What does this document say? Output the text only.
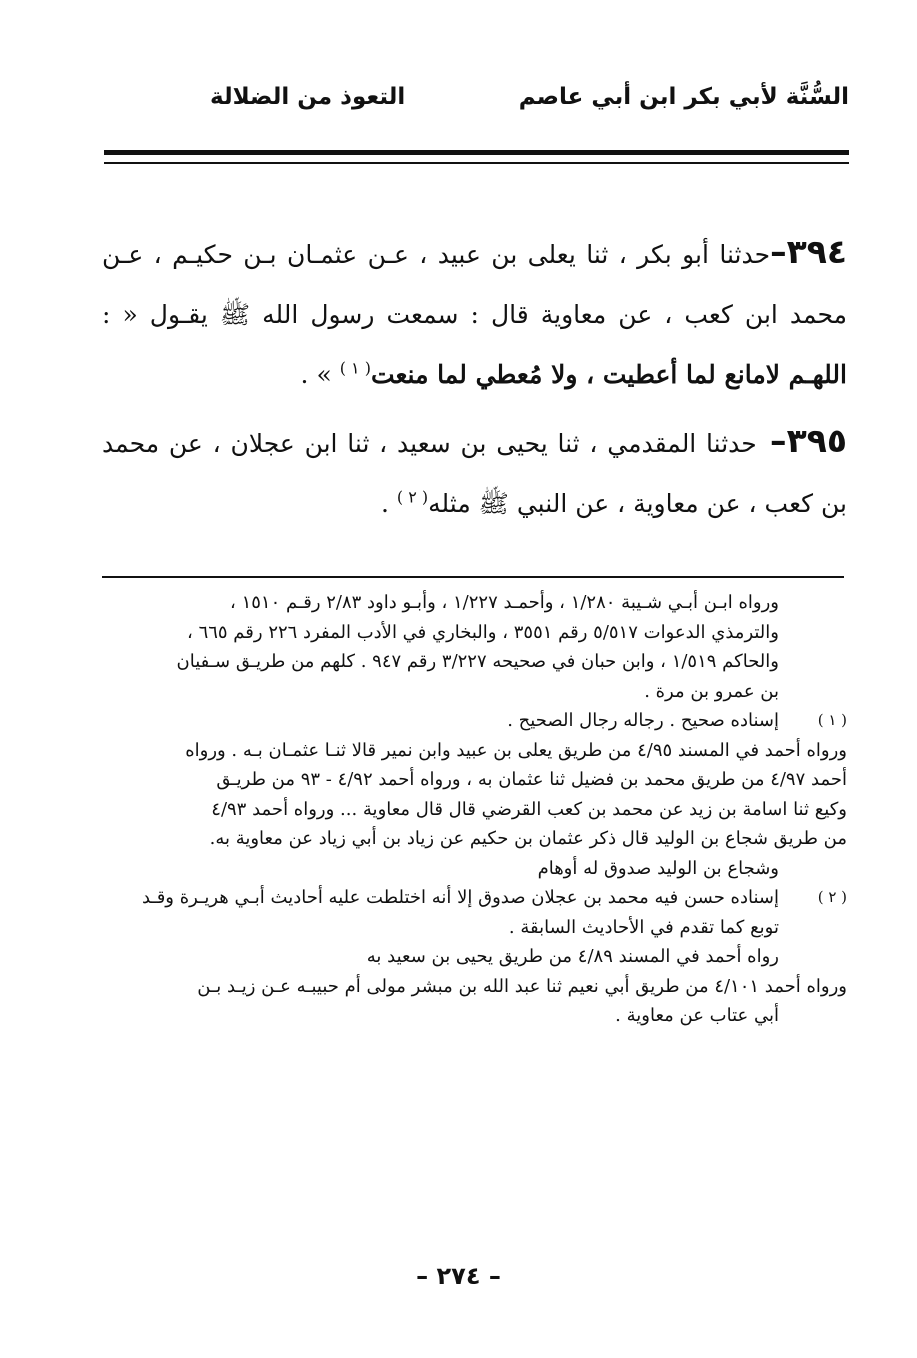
السُّنَّة لأبي بكر ابن أبي عاصم
التعوذ من الضلالة

٣٩٤–حدثنا أبو بكر ، ثنا يعلى بن عبيد ، عـن عثمـان بـن حكيـم ، عـن محمد ابن كعب ، عن معاوية قال : سمعت رسول الله ﷺ يقـول « : اللهـم لامانع لما أعطيت ، ولا مُعطي لما منعت$^{( ١ )}$ » .

٣٩٥– حدثنا المقدمي ، ثنا يحيى بن سعيد ، ثنا ابن عجلان ، عن محمد بن كعب ، عن معاوية ، عن النبي ﷺ مثله$^{( ٢ )}$ .

ورواه ابـن أبـي شـيبة ١/٢٨٠ ، وأحمـد ١/٢٢٧ ، وأبـو داود ٢/٨٣ رقـم ١٥١٠ ،
والترمذي الدعوات ٥/٥١٧ رقم ٣٥٥١ ، والبخاري في الأدب المفرد ٢٢٦ رقم ٦٦٥ ،
والحاكم ١/٥١٩ ، وابن حبان في صحيحه ٣/٢٢٧ رقم ٩٤٧ . كلهم من طريـق سـفيان
بن عمرو بن مرة .
( ١ )
إسناده صحيح . رجاله رجال الصحيح .
ورواه أحمد في المسند ٤/٩٥ من طريق يعلى بن عبيد وابن نمير قالا ثنـا عثمـان بـه . ورواه
أحمد ٤/٩٧ من طريق محمد بن فضيل ثنا عثمان به ، ورواه أحمد ٤/٩٢ - ٩٣ من طريـق
وكيع ثنا اسامة بن زيد عن محمد بن كعب القرضي قال قال معاوية ... ورواه أحمد ٤/٩٣
من طريق شجاع بن الوليد قال ذكر عثمان بن حكيم عن زياد بن أبي زياد عن معاوية به.
وشجاع بن الوليد صدوق له أوهام
( ٢ )
إسناده حسن فيه محمد بن عجلان صدوق إلا أنه اختلطت عليه أحاديث أبـي هريـرة وقـد
توبع كما تقدم في الأحاديث السابقة .
رواه أحمد في المسند ٤/٨٩ من طريق يحيى بن سعيد به
ورواه أحمد ٤/١٠١ من طريق أبي نعيم ثنا عبد الله بن مبشر مولى أم حبيبـه عـن زيـد بـن
أبي عتاب عن معاوية .
– ٢٧٤ –
